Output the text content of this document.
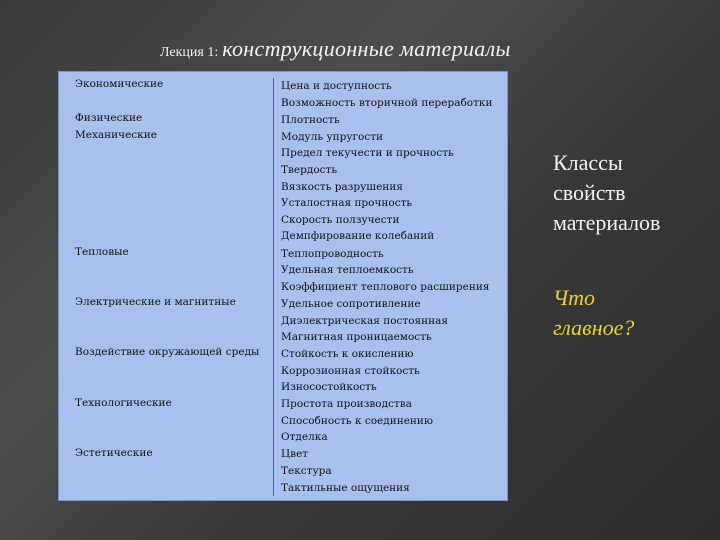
Лекция 1: конструкционные материалы
Экономические
Физические
Механические
Тепловые
Электрические и магнитные
Воздействие окружающей среды
Технологические
Эстетические
Цена и доступность
Возможность вторичной переработки
Плотность
Модуль упругости
Предел текучести и прочность
Твердость
Вязкость разрушения
Усталостная прочность
Скорость ползучести
Демпфирование колебаний
Теплопроводность
Удельная теплоемкость
Коэффициент теплового расширения
Удельное сопротивление
Диэлектрическая постоянная
Магнитная проницаемость
Стойкость к окислению
Коррозионная стойкость
Износостойкость
Простота производства
Способность к соединению
Отделка
Цвет
Текстура
Тактильные ощущения
Классы
свойств
материалов
Что
главное?
